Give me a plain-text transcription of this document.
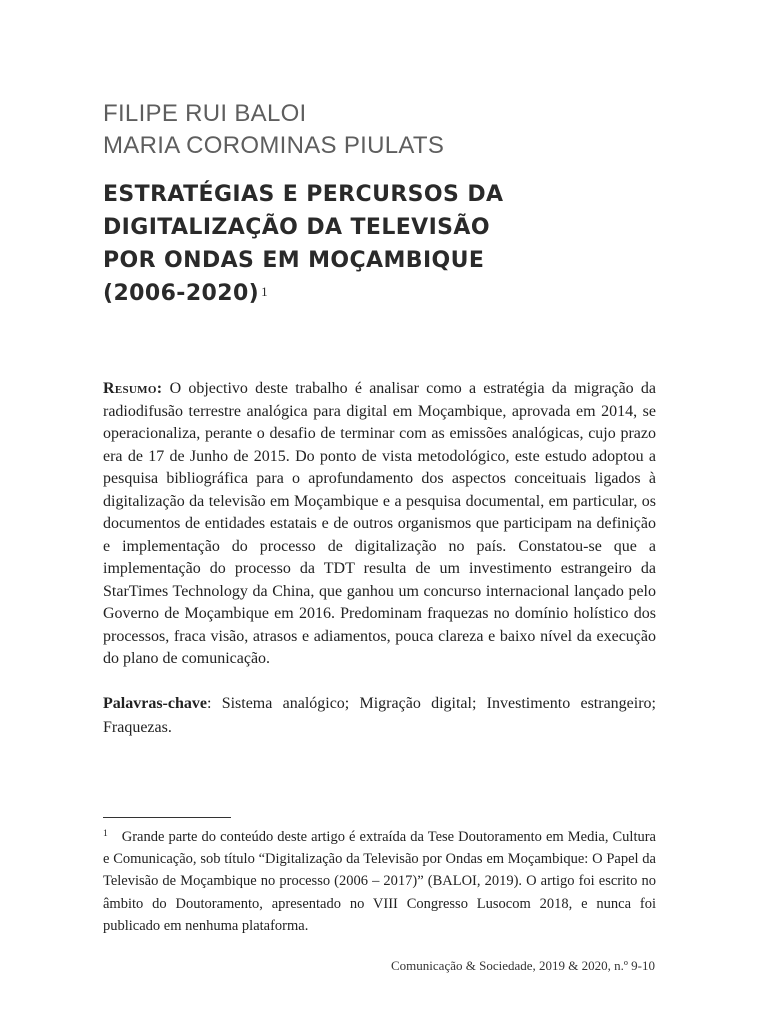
FILIPE RUI BALOI
MARIA COROMINAS PIULATS
ESTRATÉGIAS E PERCURSOS DA
DIGITALIZAÇÃO DA TELEVISÃO
POR ONDAS EM MOÇAMBIQUE
(2006-2020) $^1$

Resumo: O objectivo deste trabalho é analisar como a estratégia da migração da radiodifusão terrestre analógica para digital em Moçambique, aprovada em 2014, se operacionaliza, perante o desafio de terminar com as emissões analógicas, cujo prazo era de 17 de Junho de 2015. Do ponto de vista metodológico, este estudo adoptou a pesquisa bibliográfica para o aprofundamento dos aspectos conceituais ligados à digitalização da televisão em Moçambique e a pesquisa documental, em particular, os documentos de entidades estatais e de outros organismos que participam na definição e implementação do processo de digitalização no país. Constatou-se que a implementação do processo da TDT resulta de um investimento estrangeiro da StarTimes Technology da China, que ganhou um concurso internacional lançado pelo Governo de Moçambique em 2016. Predominam fraquezas no domínio holístico dos processos, fraca visão, atrasos e adiamentos, pouca clareza e baixo nível da execução do plano de comunicação.

Palavras-chave: Sistema analógico; Migração digital; Investimento estrangeiro; Fraquezas.

$^1$ Grande parte do conteúdo deste artigo é extraída da Tese Doutoramento em Media, Cultura e Comunicação, sob título “Digitalização da Televisão por Ondas em Moçambique: O Papel da Televisão de Moçambique no processo (2006 – 2017)” (BALOI, 2019). O artigo foi escrito no âmbito do Doutoramento, apresentado no VIII Congresso Lusocom 2018, e nunca foi publicado em nenhuma plataforma.

Comunicação & Sociedade, 2019 & 2020, n.º 9-10
